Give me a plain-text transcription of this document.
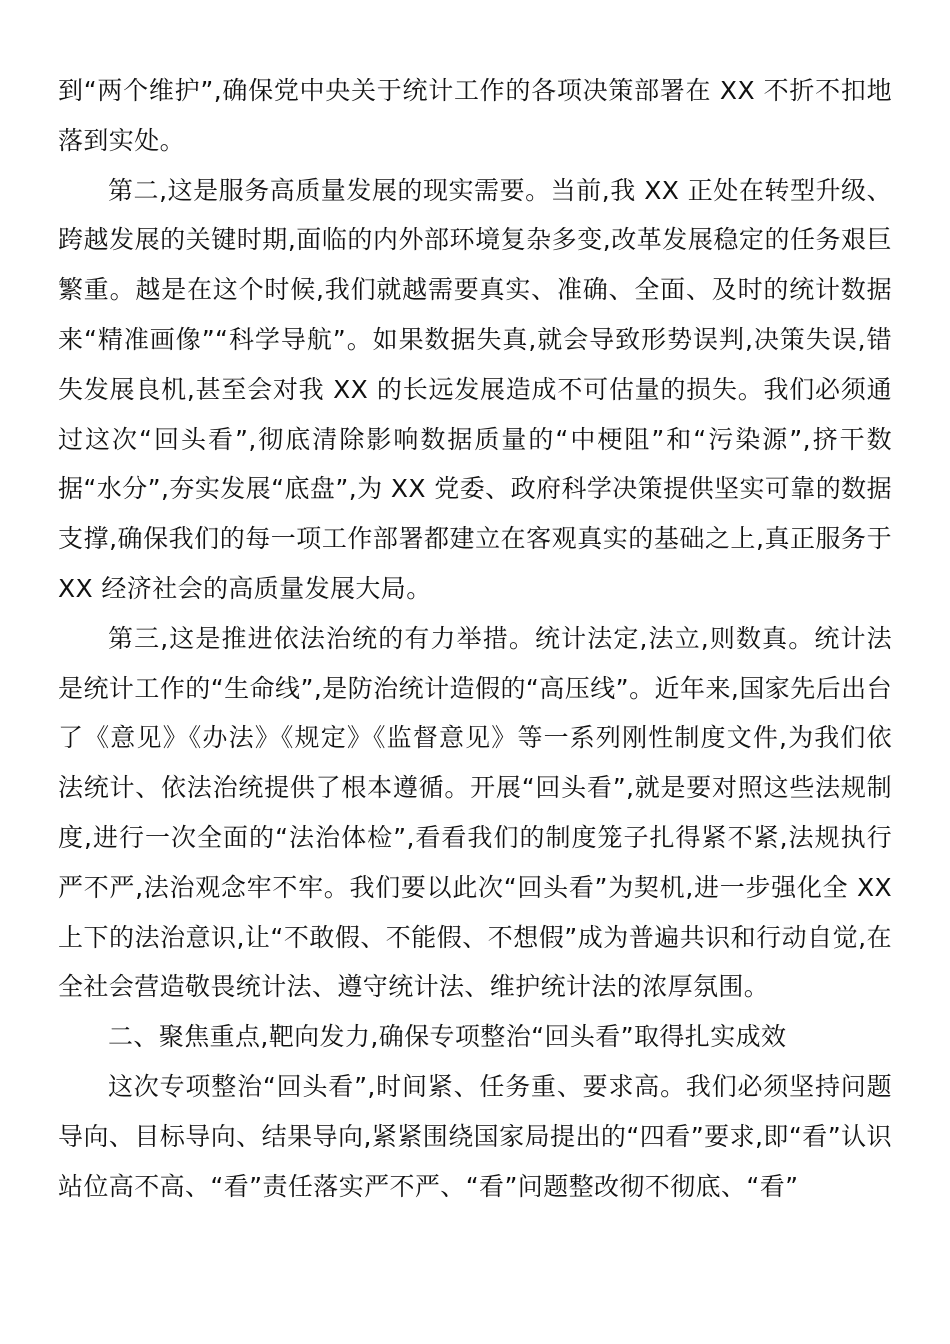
到“两个维护”,确保党中央关于统计工作的各项决策部署在 XX 不折不扣地落到实处。

第二,这是服务高质量发展的现实需要。当前,我 XX 正处在转型升级、跨越发展的关键时期,面临的内外部环境复杂多变,改革发展稳定的任务艰巨繁重。越是在这个时候,我们就越需要真实、准确、全面、及时的统计数据来“精准画像”“科学导航”。如果数据失真,就会导致形势误判,决策失误,错失发展良机,甚至会对我 XX 的长远发展造成不可估量的损失。我们必须通过这次“回头看”,彻底清除影响数据质量的“中梗阻”和“污染源”,挤干数据“水分”,夯实发展“底盘”,为 XX 党委、政府科学决策提供坚实可靠的数据支撑,确保我们的每一项工作部署都建立在客观真实的基础之上,真正服务于XX 经济社会的高质量发展大局。

第三,这是推进依法治统的有力举措。统计法定,法立,则数真。统计法是统计工作的“生命线”,是防治统计造假的“高压线”。近年来,国家先后出台了《意见》《办法》《规定》《监督意见》等一系列刚性制度文件,为我们依法统计、依法治统提供了根本遵循。开展“回头看”,就是要对照这些法规制度,进行一次全面的“法治体检”,看看我们的制度笼子扎得紧不紧,法规执行严不严,法治观念牢不牢。我们要以此次“回头看”为契机,进一步强化全 XX 上下的法治意识,让“不敢假、不能假、不想假”成为普遍共识和行动自觉,在全社会营造敬畏统计法、遵守统计法、维护统计法的浓厚氛围。

二、聚焦重点,靶向发力,确保专项整治“回头看”取得扎实成效

这次专项整治“回头看”,时间紧、任务重、要求高。我们必须坚持问题导向、目标导向、结果导向,紧紧围绕国家局提出的“四看”要求,即“看”认识站位高不高、“看”责任落实严不严、“看”问题整改彻不彻底、“看”
